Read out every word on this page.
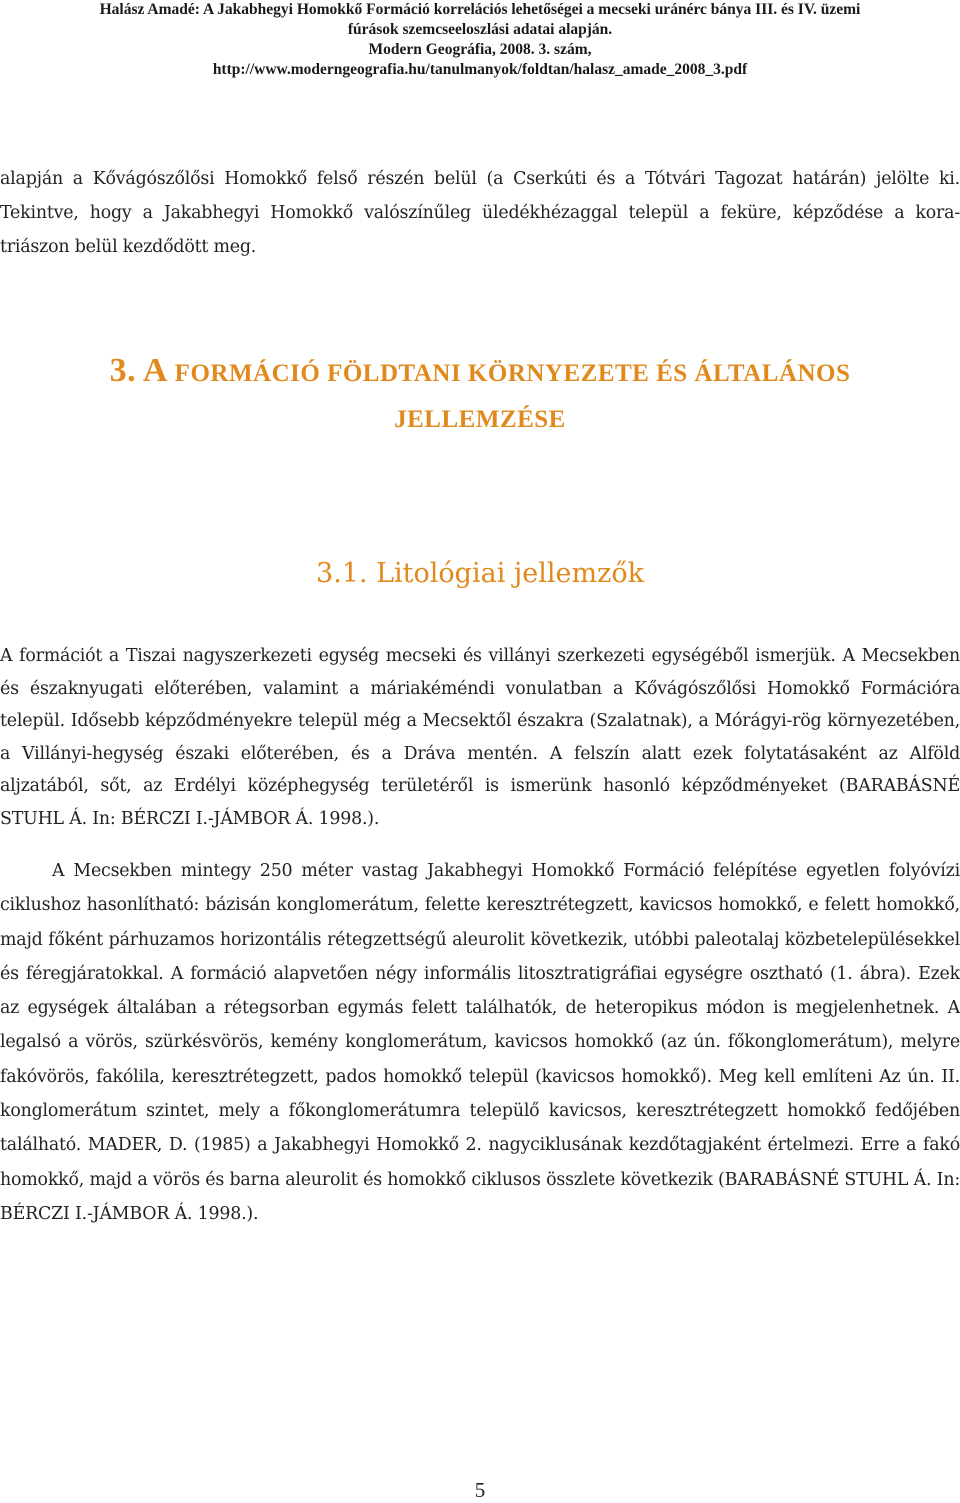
Halász Amadé: A Jakabhegyi Homokkő Formáció korrelációs lehetőségei a mecseki uránérc bánya III. és IV. üzemi
fúrások szemcseeloszlási adatai alapján.
Modern Geográfia, 2008. 3. szám,
http://www.moderngeografia.hu/tanulmanyok/foldtan/halasz_amade_2008_3.pdf

alapján a Kővágószőlősi Homokkő felső részén belül (a Cserkúti és a Tótvári Tagozat határán) jelölte ki. Tekintve, hogy a Jakabhegyi Homokkő valószínűleg üledékhézaggal települ a feküre, képződése a kora-triászon belül kezdődött meg.

3. A FORMÁCIÓ FÖLDTANI KÖRNYEZETE ÉS ÁLTALÁNOS
JELLEMZÉSE
3.1. Litológiai jellemzők

A formációt a Tiszai nagyszerkezeti egység mecseki és villányi szerkezeti egységéből ismerjük. A Mecsekben és északnyugati előterében, valamint a máriakéméndi vonulatban a Kővágószőlősi Homokkő Formációra települ. Idősebb képződményekre települ még a Mecsektől északra (Szalatnak), a Mórágyi-rög környezetében, a Villányi-hegység északi előterében, és a Dráva mentén. A felszín alatt ezek folytatásaként az Alföld aljzatából, sőt, az Erdélyi középhegység területéről is ismerünk hasonló képződményeket (BARABÁSNÉ STUHL Á. In: BÉRCZI I.-JÁMBOR Á. 1998.).

A Mecsekben mintegy 250 méter vastag Jakabhegyi Homokkő Formáció felépítése egyetlen folyóvízi ciklushoz hasonlítható: bázisán konglomerátum, felette keresztrétegzett, kavicsos homokkő, e felett homokkő, majd főként párhuzamos horizontális rétegzettségű aleurolit következik, utóbbi paleotalaj közbetelepülésekkel és féregjáratokkal. A formáció alapvetően négy informális litosztratigráfiai egységre osztható (1. ábra). Ezek az egységek általában a rétegsorban egymás felett találhatók, de heteropikus módon is megjelenhetnek. A legalsó a vörös, szürkésvörös, kemény konglomerátum, kavicsos homokkő (az ún. főkonglomerátum), melyre fakóvörös, fakólila, keresztrétegzett, pados homokkő települ (kavicsos homokkő). Meg kell említeni Az ún. II. konglomerátum szintet, mely a főkonglomerátumra települő kavicsos, keresztrétegzett homokkő fedőjében található. MADER, D. (1985) a Jakabhegyi Homokkő 2. nagyciklusának kezdőtagjaként értelmezi. Erre a fakó homokkő, majd a vörös és barna aleurolit és homokkő ciklusos összlete következik (BARABÁSNÉ STUHL Á. In: BÉRCZI I.-JÁMBOR Á. 1998.).

5
